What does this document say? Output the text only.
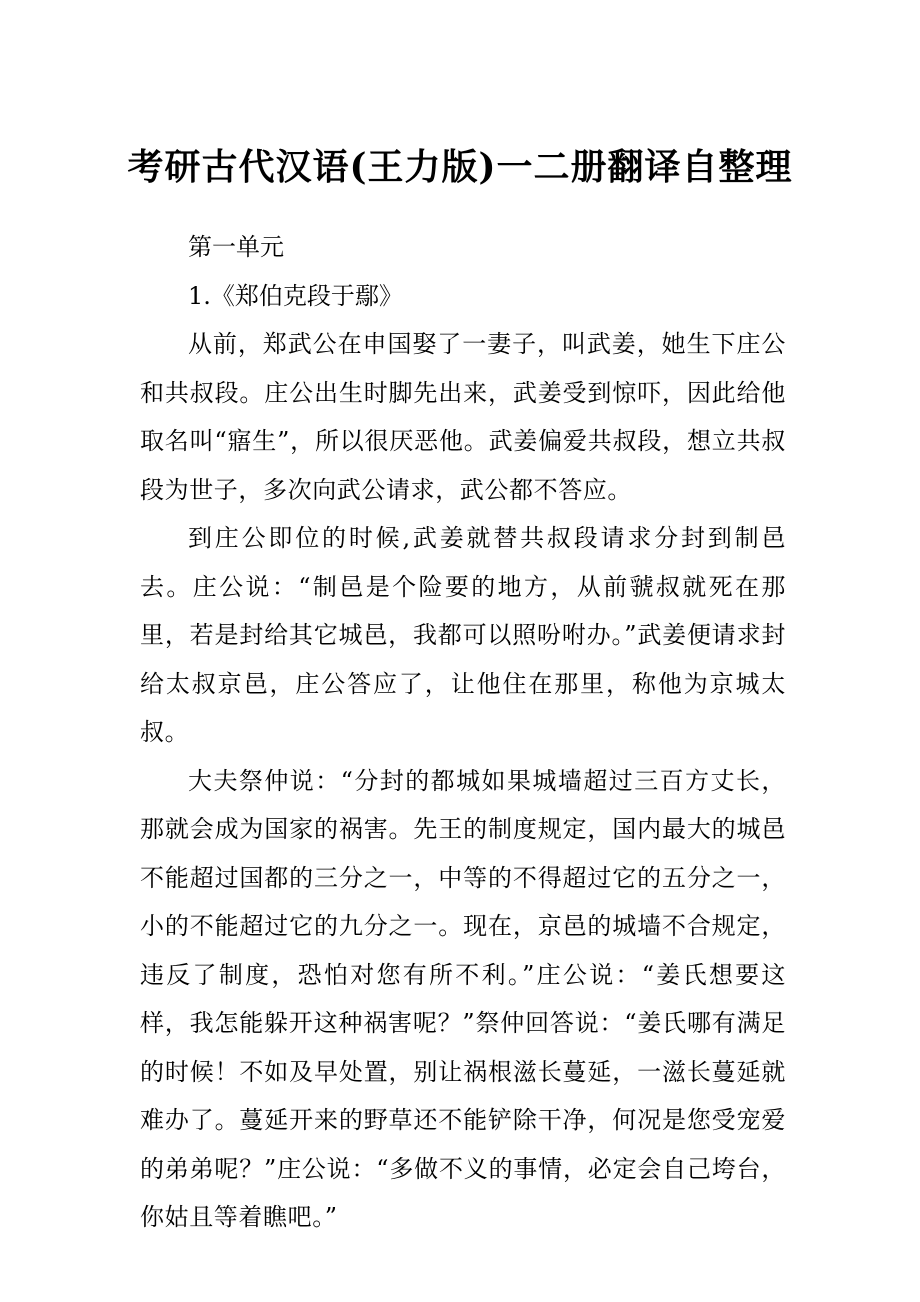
考研古代汉语(王力版)一二册翻译自整理

第一单元

1.《郑伯克段于鄢》

从前，郑武公在申国娶了一妻子，叫武姜，她生下庄公和共叔段。庄公出生时脚先出来，武姜受到惊吓，因此给他取名叫“寤生”，所以很厌恶他。武姜偏爱共叔段，想立共叔段为世子，多次向武公请求，武公都不答应。

到庄公即位的时候,武姜就替共叔段请求分封到制邑去。庄公说：“制邑是个险要的地方，从前虢叔就死在那里，若是封给其它城邑，我都可以照吩咐办。”武姜便请求封给太叔京邑，庄公答应了，让他住在那里，称他为京城太叔。

大夫祭仲说：“分封的都城如果城墙超过三百方丈长，那就会成为国家的祸害。先王的制度规定，国内最大的城邑不能超过国都的三分之一，中等的不得超过它的五分之一，小的不能超过它的九分之一。现在，京邑的城墙不合规定，违反了制度，恐怕对您有所不利。”庄公说：“姜氏想要这样，我怎能躲开这种祸害呢？”祭仲回答说：“姜氏哪有满足的时候！不如及早处置，别让祸根滋长蔓延，一滋长蔓延就难办了。蔓延开来的野草还不能铲除干净，何况是您受宠爱的弟弟呢？”庄公说：“多做不义的事情，必定会自己垮台，你姑且等着瞧吧。”
